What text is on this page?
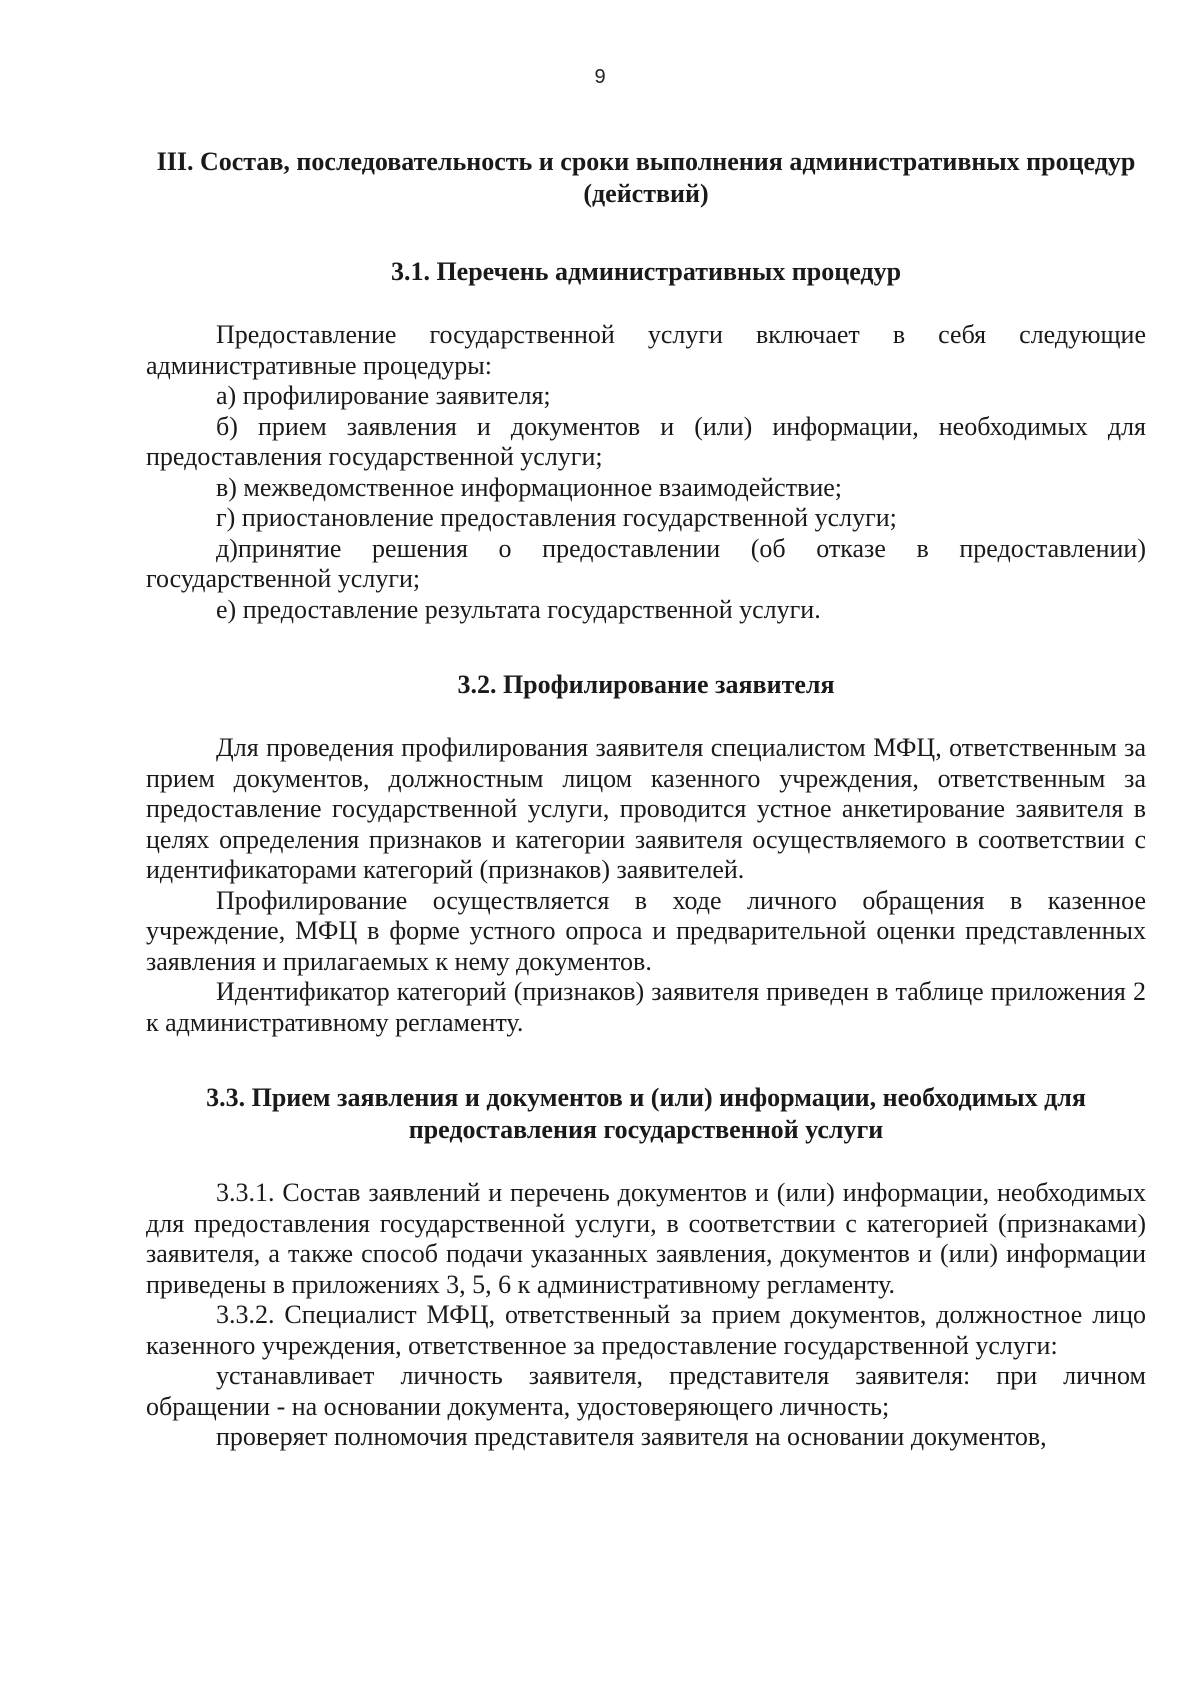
9
III. Состав, последовательность и сроки выполнения административных процедур (действий)
3.1. Перечень административных процедур

Предоставление государственной услуги включает в себя следующие административные процедуры:

а) профилирование заявителя;

б) прием заявления и документов и (или) информации, необходимых для предоставления государственной услуги;

в) межведомственное информационное взаимодействие;

г) приостановление предоставления государственной услуги;

д)принятие решения о предоставлении (об отказе в предоставлении) государственной услуги;

е) предоставление результата государственной услуги.

3.2. Профилирование заявителя

Для проведения профилирования заявителя специалистом МФЦ, ответственным за прием документов, должностным лицом казенного учреждения, ответственным за предоставление государственной услуги, проводится устное анкетирование заявителя в целях определения признаков и категории заявителя осуществляемого в соответствии с идентификаторами категорий (признаков) заявителей.

Профилирование осуществляется в ходе личного обращения в казенное учреждение, МФЦ в форме устного опроса и предварительной оценки представленных заявления и прилагаемых к нему документов.

Идентификатор категорий (признаков) заявителя приведен в таблице приложения 2 к административному регламенту.

3.3. Прием заявления и документов и (или) информации, необходимых для предоставления государственной услуги

3.3.1. Состав заявлений и перечень документов и (или) информации, необходимых для предоставления государственной услуги, в соответствии с категорией (признаками) заявителя, а также способ подачи указанных заявления, документов и (или) информации приведены в приложениях 3, 5, 6 к административному регламенту.

3.3.2. Специалист МФЦ, ответственный за прием документов, должностное лицо казенного учреждения, ответственное за предоставление государственной услуги:

устанавливает личность заявителя, представителя заявителя: при личном обращении - на основании документа, удостоверяющего личность;

проверяет полномочия представителя заявителя на основании документов,
